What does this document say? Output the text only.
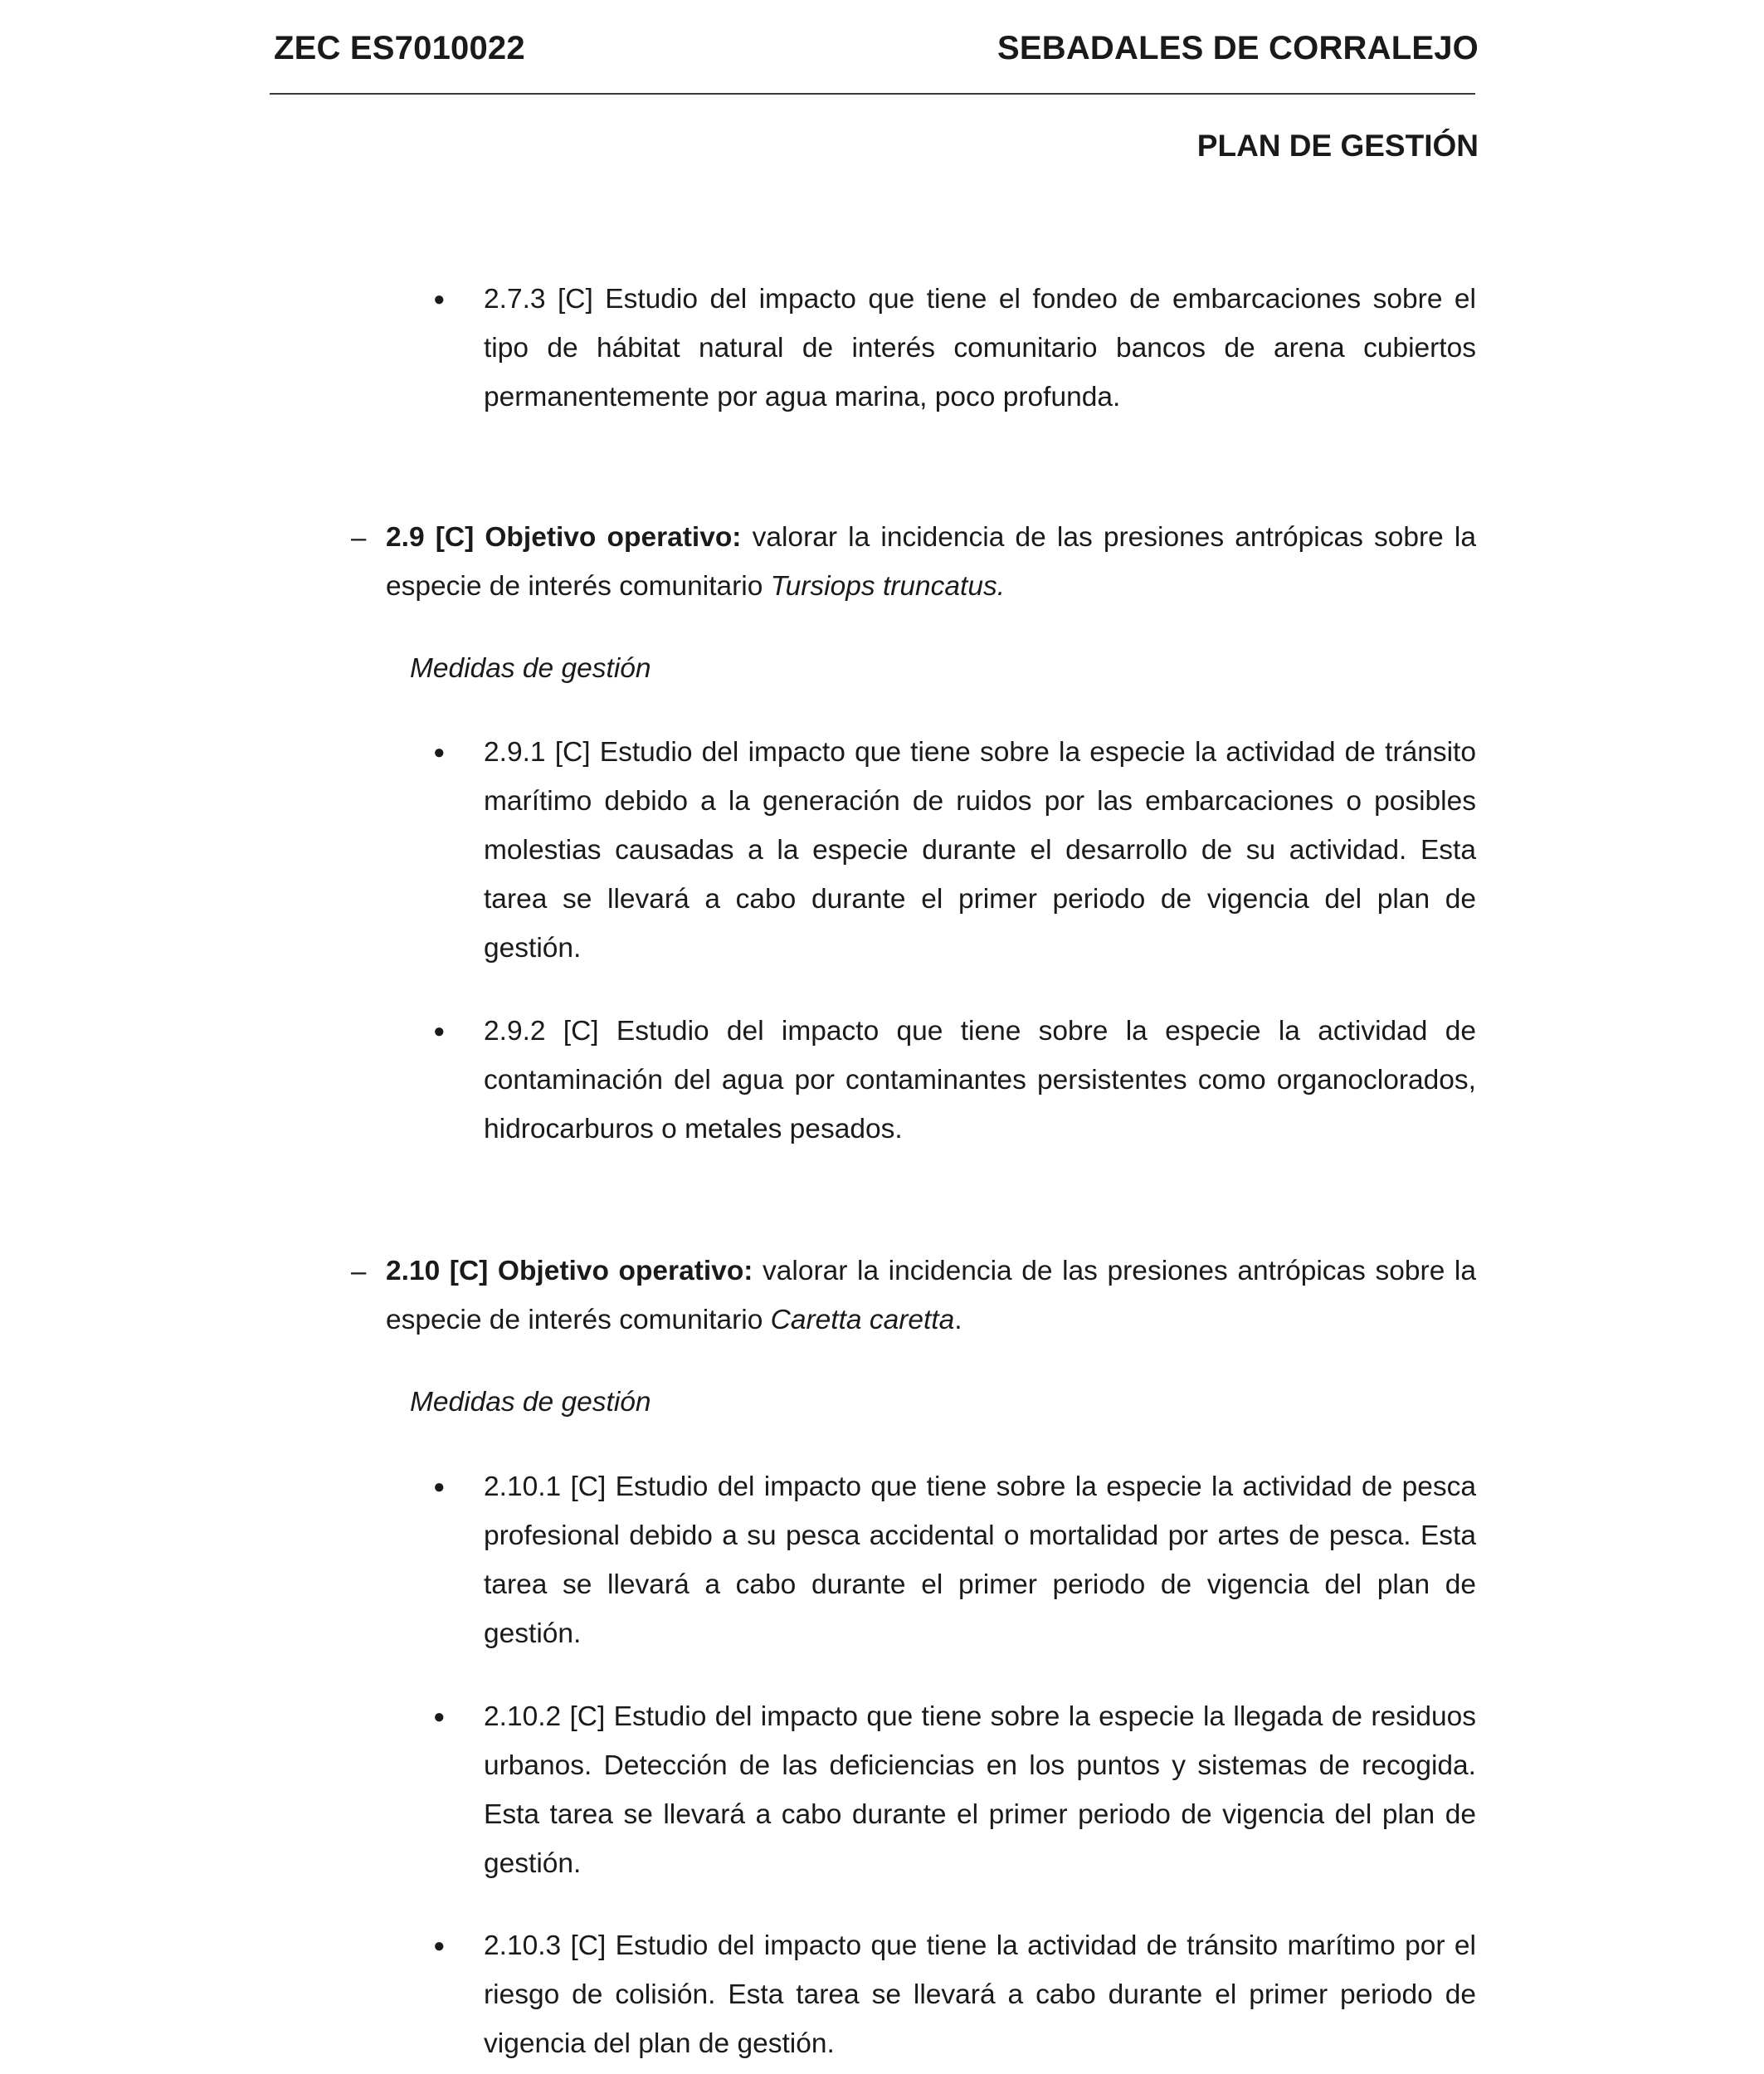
ZEC ES7010022	SEBADALES DE CORRALEJO
PLAN DE GESTIÓN
● 2.7.3 [C] Estudio del impacto que tiene el fondeo de embarcaciones sobre el tipo de hábitat natural de interés comunitario bancos de arena cubiertos permanentemente por agua marina, poco profunda.
– 2.9 [C] Objetivo operativo: valorar la incidencia de las presiones antrópicas sobre la especie de interés comunitario Tursiops truncatus.
Medidas de gestión
● 2.9.1 [C] Estudio del impacto que tiene sobre la especie la actividad de tránsito marítimo debido a la generación de ruidos por las embarcaciones o posibles molestias causadas a la especie durante el desarrollo de su actividad. Esta tarea se llevará a cabo durante el primer periodo de vigencia del plan de gestión.
● 2.9.2 [C] Estudio del impacto que tiene sobre la especie la actividad de contaminación del agua por contaminantes persistentes como organoclorados, hidrocarburos o metales pesados.
– 2.10 [C] Objetivo operativo: valorar la incidencia de las presiones antrópicas sobre la especie de interés comunitario Caretta caretta.
Medidas de gestión
● 2.10.1 [C] Estudio del impacto que tiene sobre la especie la actividad de pesca profesional debido a su pesca accidental o mortalidad por artes de pesca. Esta tarea se llevará a cabo durante el primer periodo de vigencia del plan de gestión.
● 2.10.2 [C] Estudio del impacto que tiene sobre la especie la llegada de residuos urbanos. Detección de las deficiencias en los puntos y sistemas de recogida. Esta tarea se llevará a cabo durante el primer periodo de vigencia del plan de gestión.
● 2.10.3 [C] Estudio del impacto que tiene la actividad de tránsito marítimo por el riesgo de colisión. Esta tarea se llevará a cabo durante el primer periodo de vigencia del plan de gestión.
